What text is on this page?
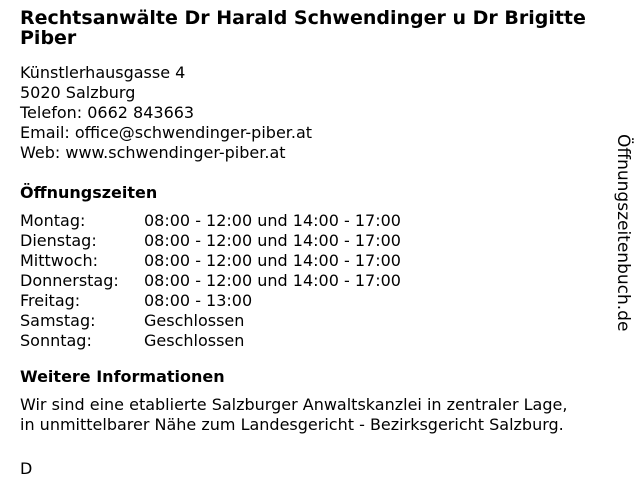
Rechtsanwälte Dr Harald Schwendinger u Dr Brigitte Piber
Künstlerhausgasse 4
5020 Salzburg
Telefon: 0662 843663
Email: office@schwendinger-piber.at
Web: www.schwendinger-piber.at
Öffnungszeiten
Montag:	08:00 - 12:00 und 14:00 - 17:00
Dienstag:	08:00 - 12:00 und 14:00 - 17:00
Mittwoch:	08:00 - 12:00 und 14:00 - 17:00
Donnerstag:	08:00 - 12:00 und 14:00 - 17:00
Freitag:	08:00 - 13:00
Samstag:	Geschlossen
Sonntag:	Geschlossen
Weitere Informationen
Wir sind eine etablierte Salzburger Anwaltskanzlei in zentraler Lage,
in unmittelbarer Nähe zum Landesgericht - Bezirksgericht Salzburg.
D
Öffnungszeitenbuch.de
